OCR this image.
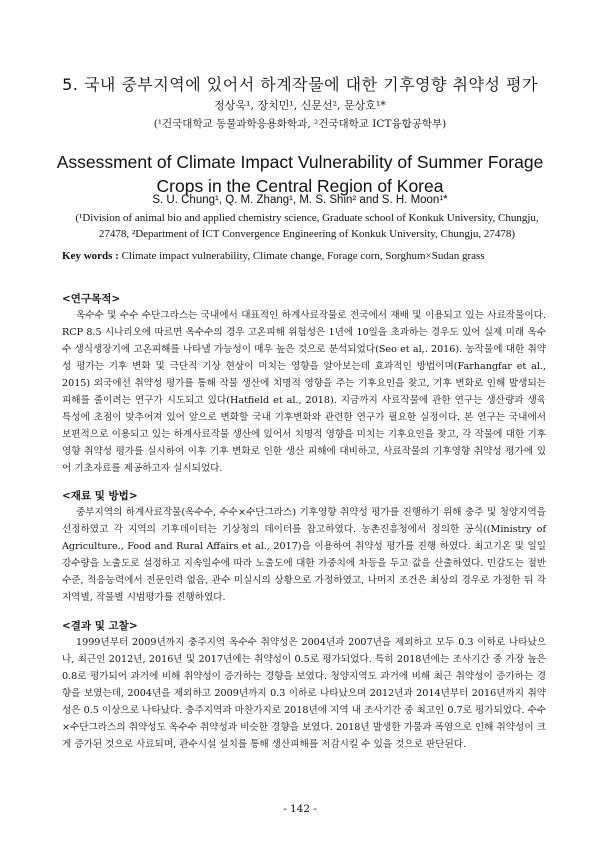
5. 국내 중부지역에 있어서 하계작물에 대한 기후영향 취약성 평가
정상욱¹, 장치민¹, 신문선², 문상호¹*
(¹건국대학교 동물과학응용화학과, ²건국대학교 ICT융합공학부)
Assessment of Climate Impact Vulnerability of Summer Forage Crops in the Central Region of Korea
S. U. Chung¹, Q. M. Zhang¹, M. S. Shin² and S. H. Moon¹*
(¹Division of animal bio and applied chemistry science, Graduate school of Konkuk University, Chungju, 27478, ²Department of ICT Convergence Engineering of Konkuk University, Chungju, 27478)
Key words : Climate impact vulnerability, Climate change, Forage corn, Sorghum×Sudan grass
<연구목적>

옥수수 및 수수 수단그라스는 국내에서 대표적인 하계사료작물로 전국에서 재배 및 이용되고 있는 사료작물이다. RCP 8.5 시나리오에 따르면 옥수수의 경우 고온피해 위험성은 1년에 10일을 초과하는 경우도 있어 실제 미래 옥수수 생식생장기에 고온피해를 나타낼 가능성이 매우 높은 것으로 분석되었다(Seo et al,. 2016). 농작물에 대한 취약성 평가는 기후 변화 및 극단적 기상 현상이 미치는 영향을 알아보는데 효과적인 방법이며(Farhangfar et al., 2015) 외국에선 취약성 평가를 통해 작물 생산에 치명적 영향을 주는 기후요인을 찾고, 기후 변화로 인해 발생되는 피해를 줄이려는 연구가 시도되고 있다(Hatfield et al., 2018). 지금까지 사료작물에 관한 연구는 생산량과 생육 특성에 초점이 맞추어져 있어 앞으로 변화할 국내 기후변화와 관련한 연구가 필요한 실정이다. 본 연구는 국내에서 보편적으로 이용되고 있는 하계사료작물 생산에 있어서 치명적 영향을 미치는 기후요인을 찾고, 각 작물에 대한 기후영향 취약성 평가를 실시하여 이후 기후 변화로 인한 생산 피해에 대비하고, 사료작물의 기후영향 취약성 평가에 있어 기초자료를 제공하고자 실시되었다.

<재료 및 방법>

중부지역의 하계사료작물(옥수수, 수수×수단그라스) 기후영향 취약성 평가를 진행하기 위해 충주 및 청양지역을 선정하였고 각 지역의 기후데이터는 기상청의 데이터를 참고하였다. 농촌진흥청에서 정의한 공식((Ministry of Agriculture., Food and Rural Affairs et al., 2017)을 이용하여 취약성 평가를 진행 하였다. 최고기온 및 일일강수량을 노출도로 설정하고 지속일수에 따라 노출도에 대한 가중치에 차등을 두고 값을 산출하였다. 민감도는 절반 수준, 적응능력에서 전문인력 없음, 관수 미실시의 상황으로 가정하였고, 나머지 조건은 최상의 경우로 가정한 뒤 각 지역별, 작물별 시범평가를 진행하였다.

<결과 및 고찰>

1999년부터 2009년까지 충주지역 옥수수 취약성은 2004년과 2007년을 제외하고 모두 0.3 이하로 나타났으나, 최근인 2012년, 2016년 및 2017년에는 취약성이 0.5로 평가되었다. 특히 2018년에는 조사기간 중 가장 높은 0.8로 평가되어 과거에 비해 취약성이 증가하는 경향을 보였다. 청양지역도 과거에 비해 최근 취약성이 증가하는 경향을 보였는데, 2004년을 제외하고 2009년까지 0.3 이하로 나타났으며 2012년과 2014년부터 2016년까지 취약성은 0.5 이상으로 나타났다. 충주지역과 마찬가지로 2018년에 지역 내 조사기간 중 최고인 0.7로 평가되었다. 수수×수단그라스의 취약성도 옥수수 취약성과 비슷한 경향을 보였다. 2018년 발생한 가뭄과 폭염으로 인해 취약성이 크게 증가된 것으로 사료되며, 관수시설 설치를 통해 생산피해를 저감시킬 수 있을 것으로 판단된다.

- 142 -
